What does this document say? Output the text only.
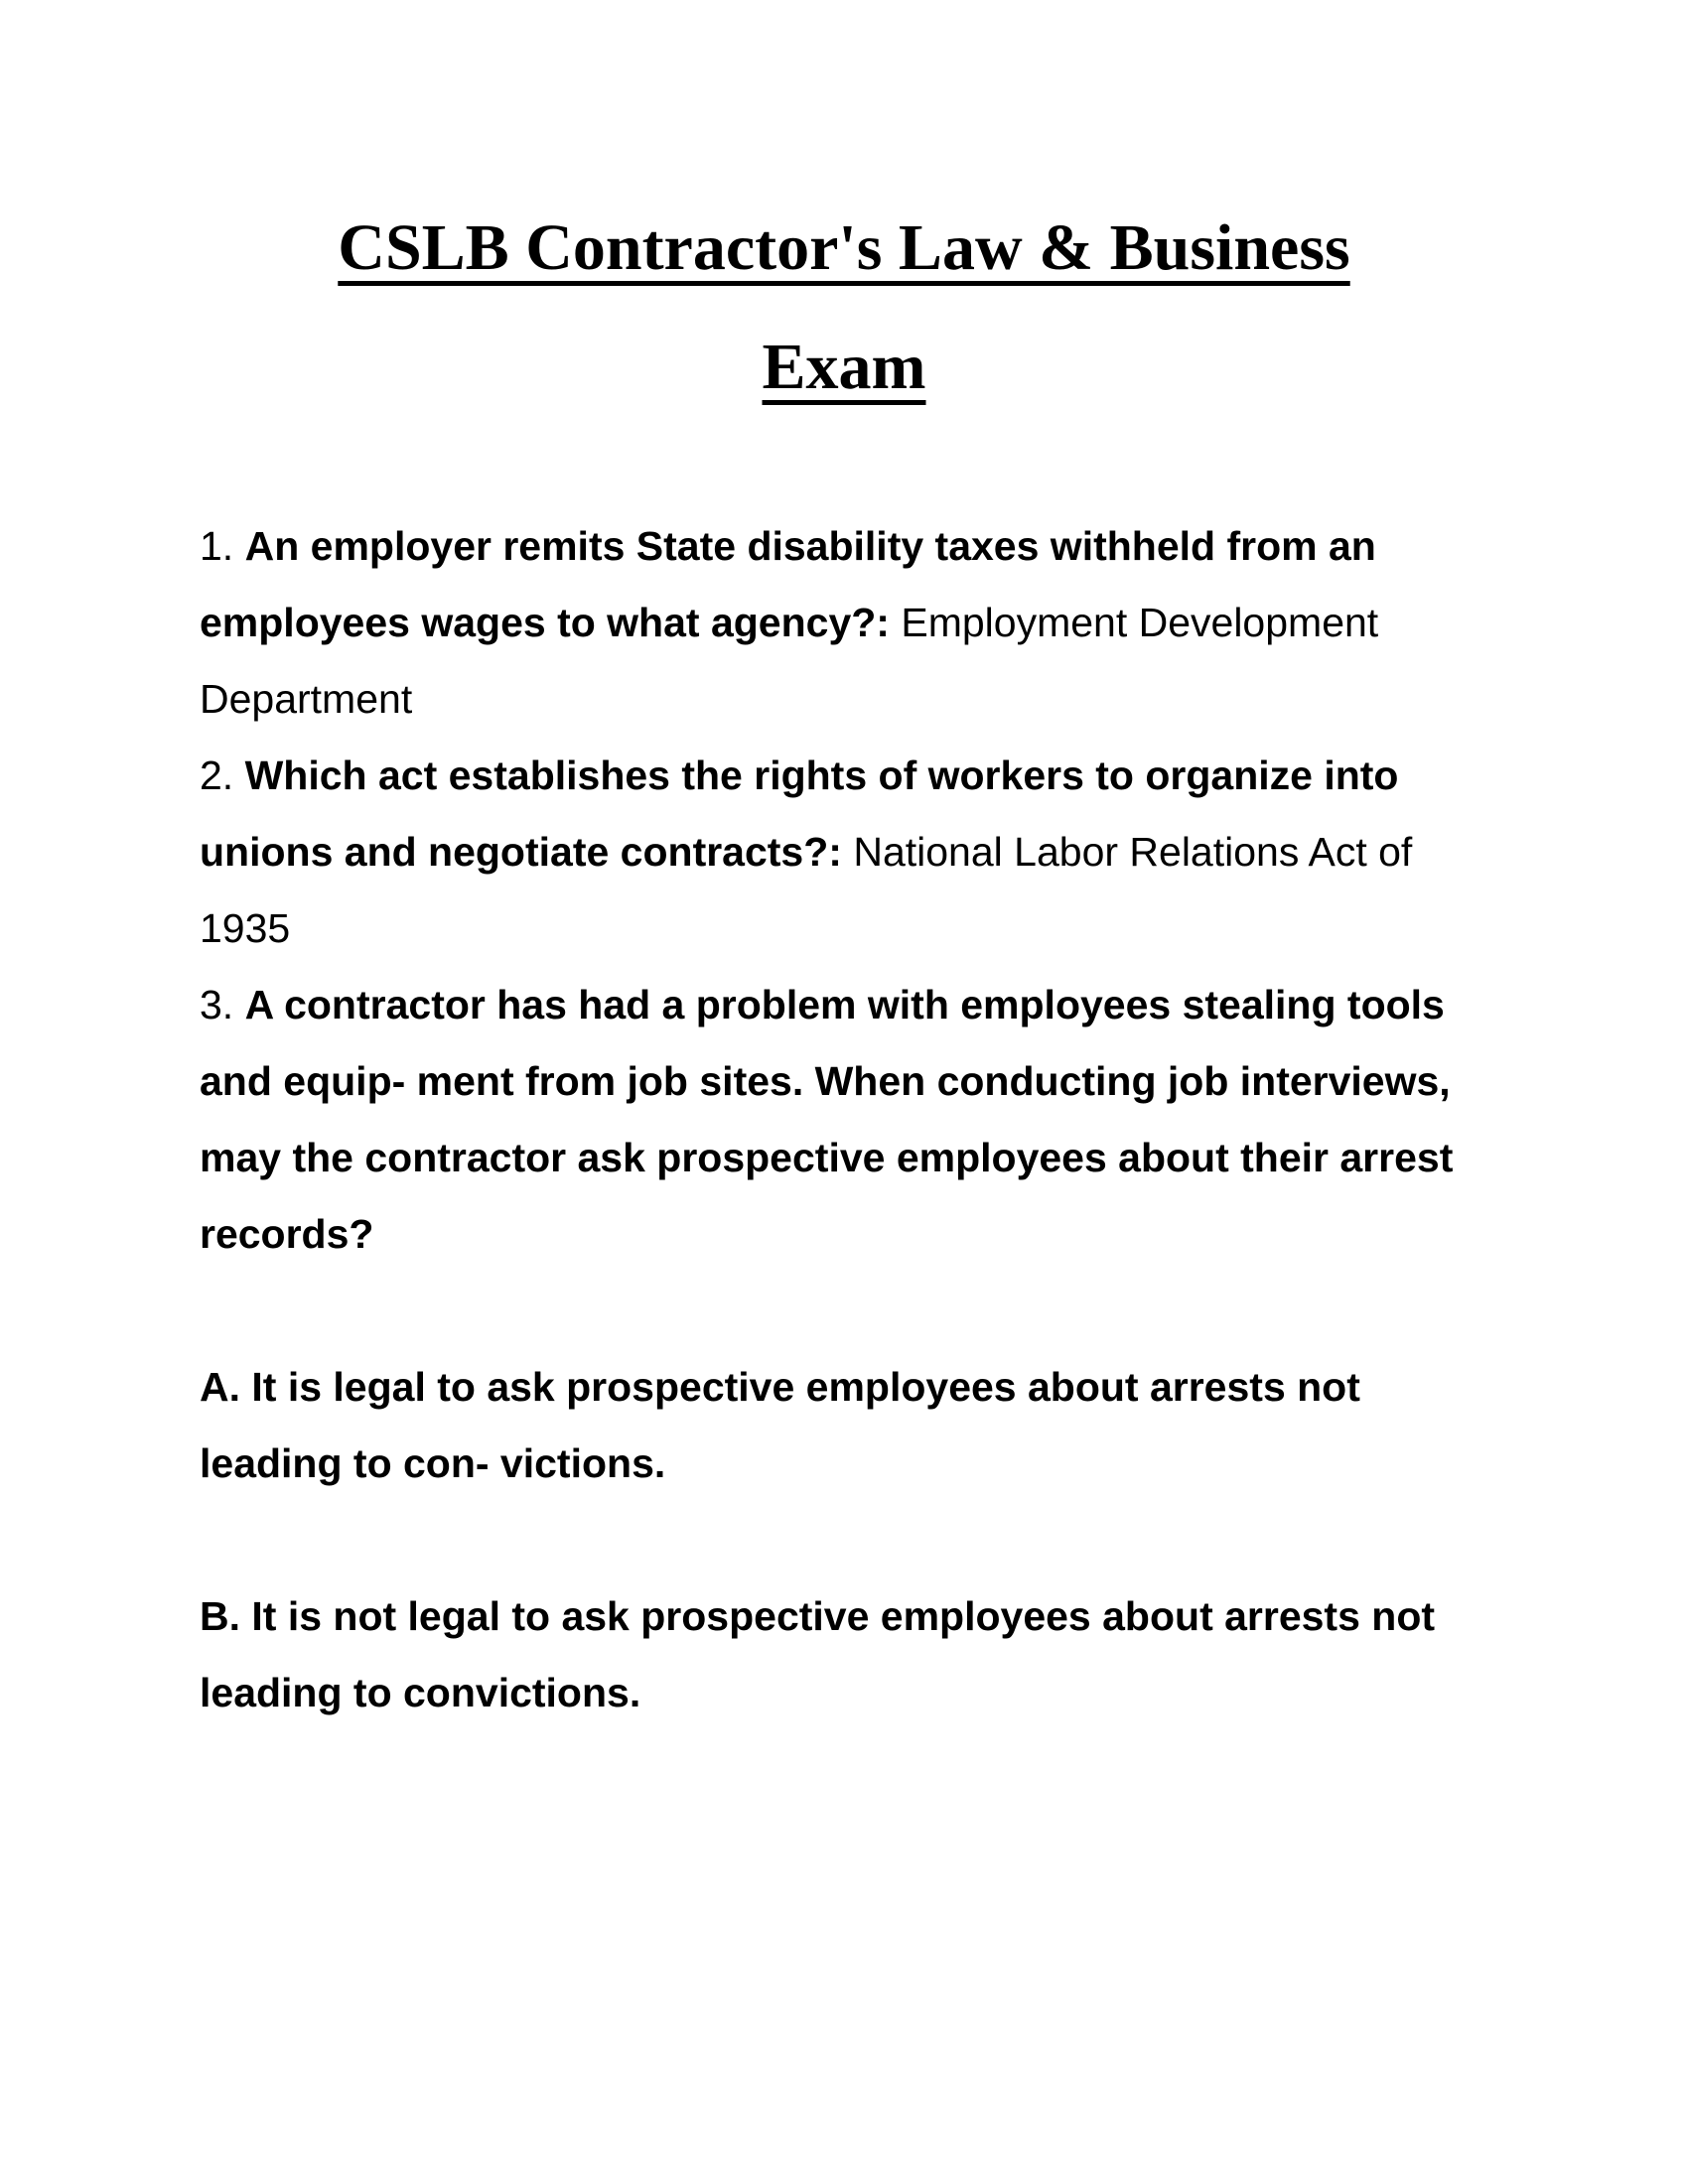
CSLB Contractor's Law & Business
Exam

1. An employer remits State disability taxes withheld from an employees wages to what agency?: Employment Development Department

2. Which act establishes the rights of workers to organize into unions and negotiate contracts?: National Labor Relations Act of 1935

3. A contractor has had a problem with employees stealing tools and equip- ment from job sites. When conducting job interviews, may the contractor ask prospective employees about their arrest records?

A. It is legal to ask prospective employees about arrests not leading to con- victions.

B. It is not legal to ask prospective employees about arrests not leading to convictions.
